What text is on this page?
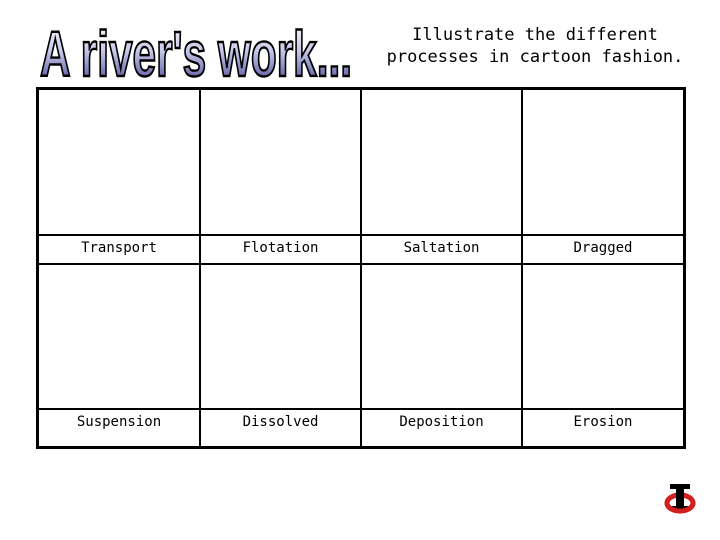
A river's work...	Illustrate the different
processes in cartoon fashion.
Transport	Flotation	Saltation	Dragged
Suspension	Dissolved	Deposition	Erosion
